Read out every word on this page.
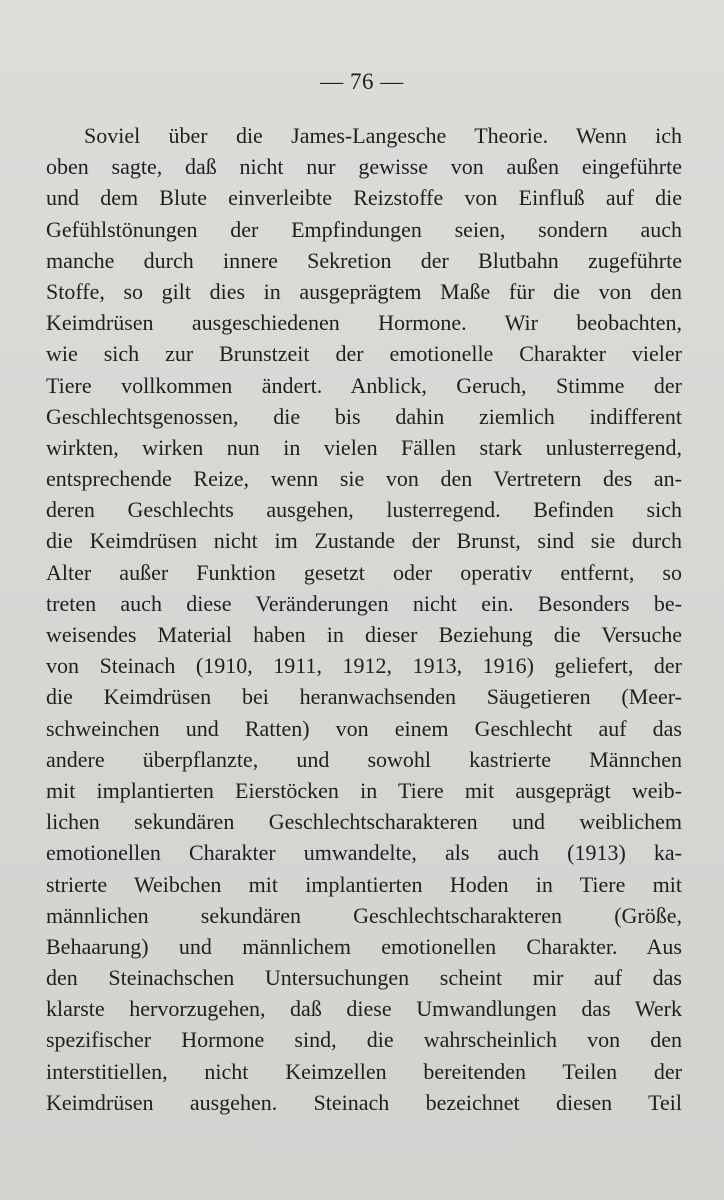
— 76 —
Soviel über die James-Langesche Theorie. Wenn ich
oben sagte, daß nicht nur gewisse von außen eingeführte
und dem Blute einverleibte Reizstoffe von Einfluß auf die
Gefühlstönungen der Empfindungen seien, sondern auch
manche durch innere Sekretion der Blutbahn zugeführte
Stoffe, so gilt dies in ausgeprägtem Maße für die von den
Keimdrüsen ausgeschiedenen Hormone. Wir beobachten,
wie sich zur Brunstzeit der emotionelle Charakter vieler
Tiere vollkommen ändert. Anblick, Geruch, Stimme der
Geschlechtsgenossen, die bis dahin ziemlich indifferent
wirkten, wirken nun in vielen Fällen stark unlusterregend,
entsprechende Reize, wenn sie von den Vertretern des an-
deren Geschlechts ausgehen, lusterregend. Befinden sich
die Keimdrüsen nicht im Zustande der Brunst, sind sie durch
Alter außer Funktion gesetzt oder operativ entfernt, so
treten auch diese Veränderungen nicht ein. Besonders be-
weisendes Material haben in dieser Beziehung die Versuche
von Steinach (1910, 1911, 1912, 1913, 1916) geliefert, der
die Keimdrüsen bei heranwachsenden Säugetieren (Meer-
schweinchen und Ratten) von einem Geschlecht auf das
andere überpflanzte, und sowohl kastrierte Männchen
mit implantierten Eierstöcken in Tiere mit ausgeprägt weib-
lichen sekundären Geschlechtscharakteren und weiblichem
emotionellen Charakter umwandelte, als auch (1913) ka-
strierte Weibchen mit implantierten Hoden in Tiere mit
männlichen sekundären Geschlechtscharakteren (Größe,
Behaarung) und männlichem emotionellen Charakter. Aus
den Steinachschen Untersuchungen scheint mir auf das
klarste hervorzugehen, daß diese Umwandlungen das Werk
spezifischer Hormone sind, die wahrscheinlich von den
interstitiellen, nicht Keimzellen bereitenden Teilen der
Keimdrüsen ausgehen. Steinach bezeichnet diesen Teil
